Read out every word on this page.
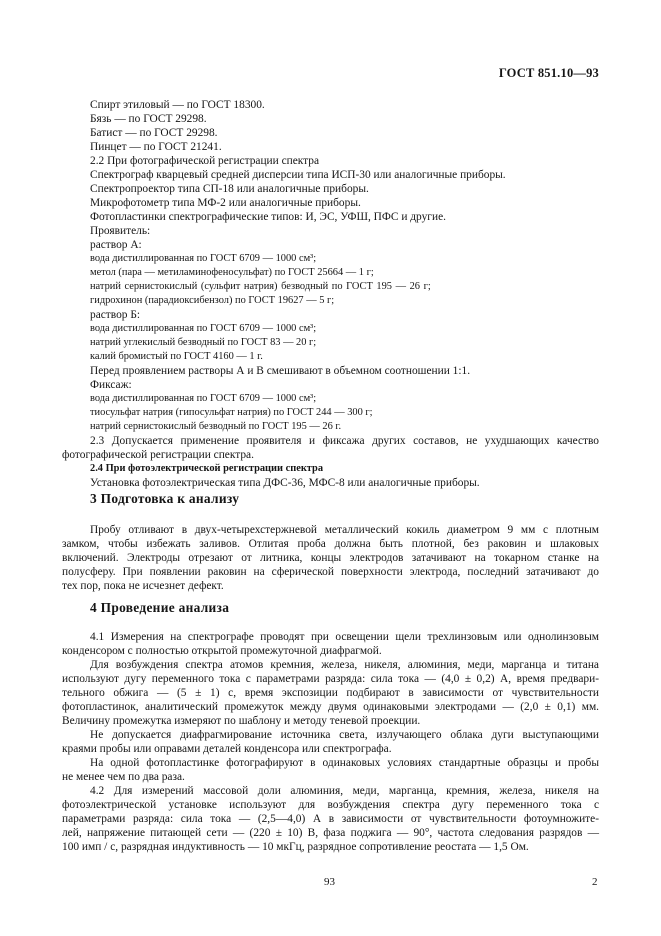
ГОСТ 851.10—93
Спирт этиловый — по ГОСТ 18300.
Бязь — по ГОСТ 29298.
Батист — по ГОСТ 29298.
Пинцет — по ГОСТ 21241.
2.2 При фотографической регистрации спектра
Спектрограф кварцевый средней дисперсии типа ИСП-30 или аналогичные приборы.
Спектропроектор типа СП-18 или аналогичные приборы.
Микрофотометр типа МФ-2 или аналогичные приборы.
Фотопластинки спектрографические типов: И, ЭС, УФШ, ПФС и другие.
Проявитель:
раствор А:
вода дистиллированная по ГОСТ 6709 — 1000 см³;
метол (пара — метиламинофеносульфат) по ГОСТ 25664 — 1 г;
натрий сернистокислый (сульфит натрия) безводный по ГОСТ 195 — 26 г;
гидрохинон (парадиоксибензол) по ГОСТ 19627 — 5 г;
раствор Б:
вода дистиллированная по ГОСТ 6709 — 1000 см³;
натрий углекислый безводный по ГОСТ 83 — 20 г;
калий бромистый по ГОСТ 4160 — 1 г.
Перед проявлением растворы А и В смешивают в объемном соотношении 1:1.
Фиксаж:
вода дистиллированная по ГОСТ 6709 — 1000 см³;
тиосульфат натрия (гипосульфат натрия) по ГОСТ 244 — 300 г;
натрий сернистокислый безводный по ГОСТ 195 — 26 г.
2.3 Допускается применение проявителя и фиксажа других составов, не ухудшающих качество
фотографической регистрации спектра.
2.4 При фотоэлектрической регистрации спектра
Установка фотоэлектрическая типа ДФС-36, МФС-8 или аналогичные приборы.
3 Подготовка к анализу
Пробу отливают в двух-четырехстержневой металлический кокиль диаметром 9 мм с плотным
замком, чтобы избежать заливов. Отлитая проба должна быть плотной, без раковин и шлаковых
включений. Электроды отрезают от литника, концы электродов затачивают на токарном станке на
полусферу. При появлении раковин на сферической поверхности электрода, последний затачивают до
тех пор, пока не исчезнет дефект.
4 Проведение анализа
4.1 Измерения на спектрографе проводят при освещении щели трехлинзовым или однолинзовым
конденсором с полностью открытой промежуточной диафрагмой.
Для возбуждения спектра атомов кремния, железа, никеля, алюминия, меди, марганца и титана
используют дугу переменного тока с параметрами разряда: сила тока — (4,0 ± 0,2) А, время предвари-
тельного обжига — (5 ± 1) с, время экспозиции подбирают в зависимости от чувствительности
фотопластинок, аналитический промежуток между двумя одинаковыми электродами — (2,0 ± 0,1) мм.
Величину промежутка измеряют по шаблону и методу теневой проекции.
Не допускается диафрагмирование источника света, излучающего облака дуги выступающими
краями пробы или оправами деталей конденсора или спектрографа.
На одной фотопластинке фотографируют в одинаковых условиях стандартные образцы и пробы
не менее чем по два раза.
4.2 Для измерений массовой доли алюминия, меди, марганца, кремния, железа, никеля на
фотоэлектрической установке используют для возбуждения спектра дугу переменного тока с
параметрами разряда: сила тока — (2,5—4,0) А в зависимости от чувствительности фотоумножите-
лей, напряжение питающей сети — (220 ± 10) В, фаза поджига — 90°, частота следования разрядов —
100 имп / с, разрядная индуктивность — 10 мкГц, разрядное сопротивление реостата — 1,5 Ом.
93	2
